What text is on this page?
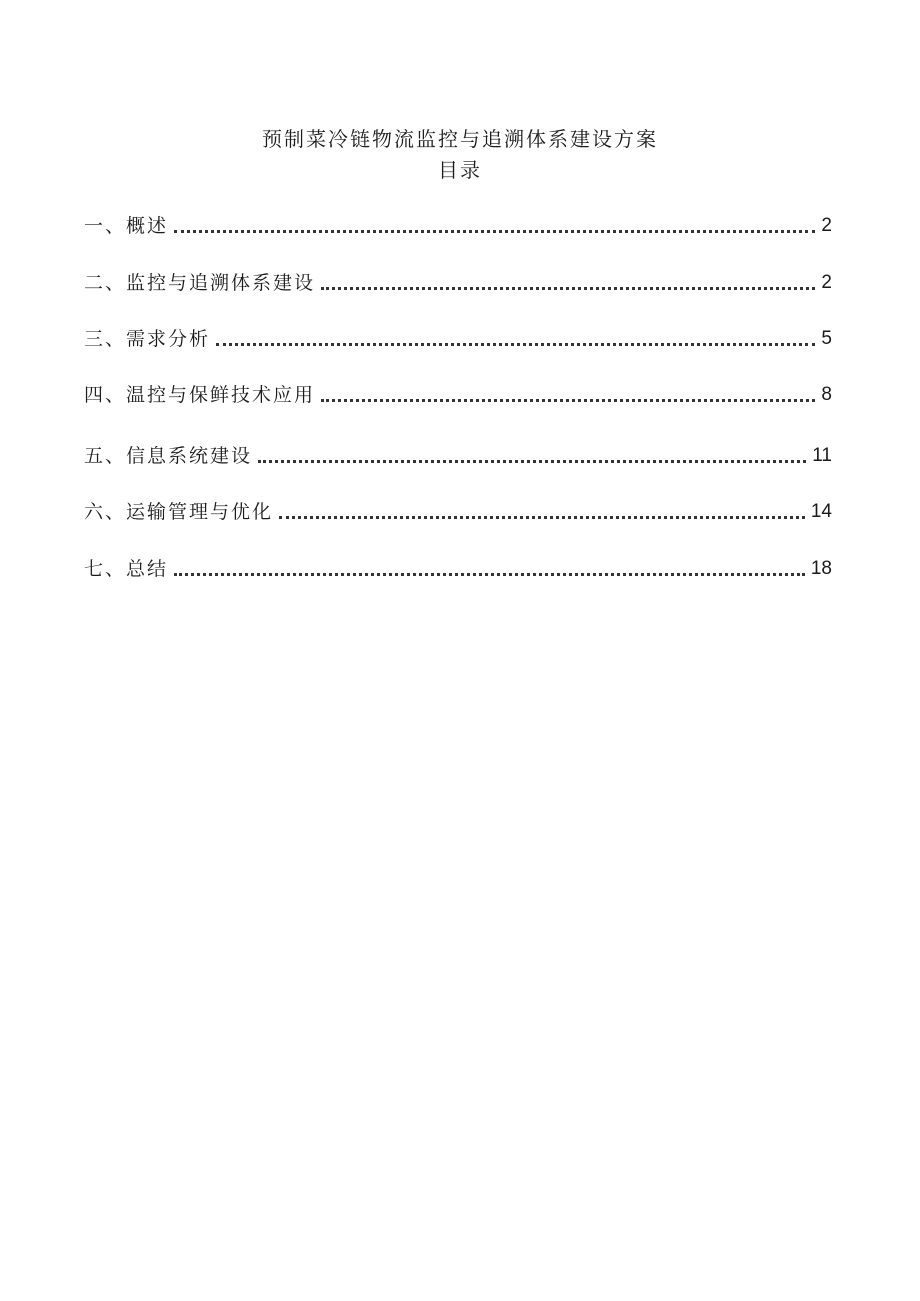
预制菜冷链物流监控与追溯体系建设方案
目录
一、概述	2
二、监控与追溯体系建设	2
三、需求分析	5
四、温控与保鲜技术应用	8
五、信息系统建设	11
六、运输管理与优化	14
七、总结	18
